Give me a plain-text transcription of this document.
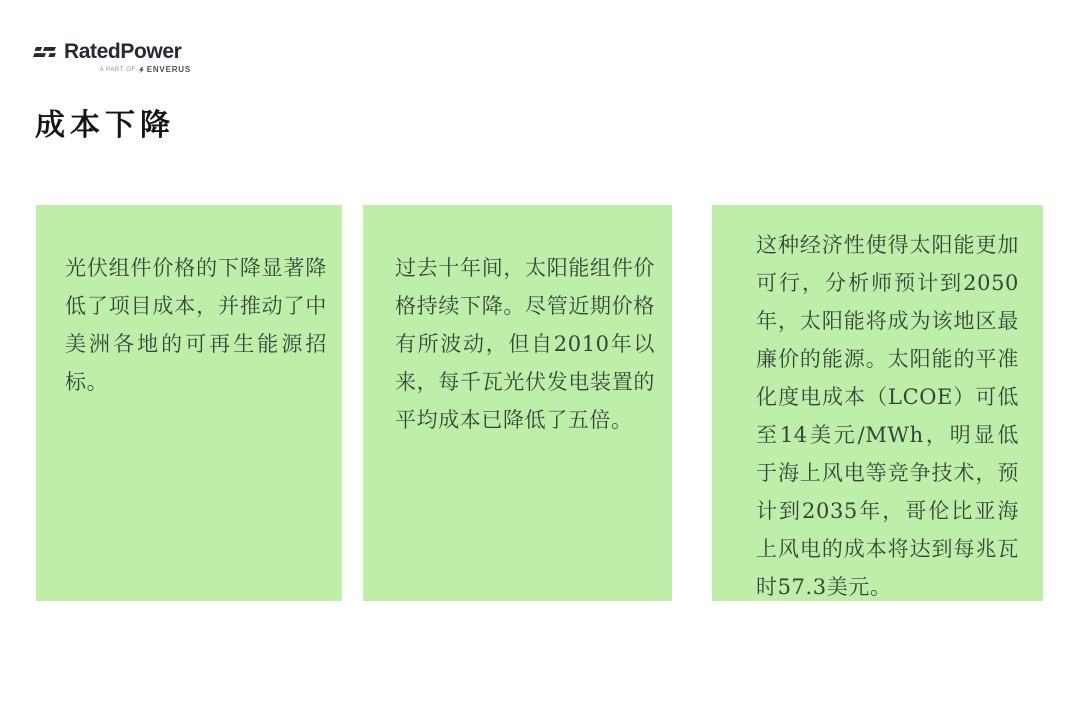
RatedPower
A PART OF ENVERUS
成本下降

光伏组件价格的下降显著降低了项目成本，并推动了中美洲各地的可再生能源招标。

过去十年间，太阳能组件价格持续下降。尽管近期价格有所波动，但自2010年以来，每千瓦光伏发电装置的平均成本已降低了五倍。

这种经济性使得太阳能更加可行，分析师预计到2050年，太阳能将成为该地区最廉价的能源。太阳能的平准化度电成本（LCOE）可低至14美元/MWh，明显低于海上风电等竞争技术，预计到2035年，哥伦比亚海上风电的成本将达到每兆瓦时57.3美元。
